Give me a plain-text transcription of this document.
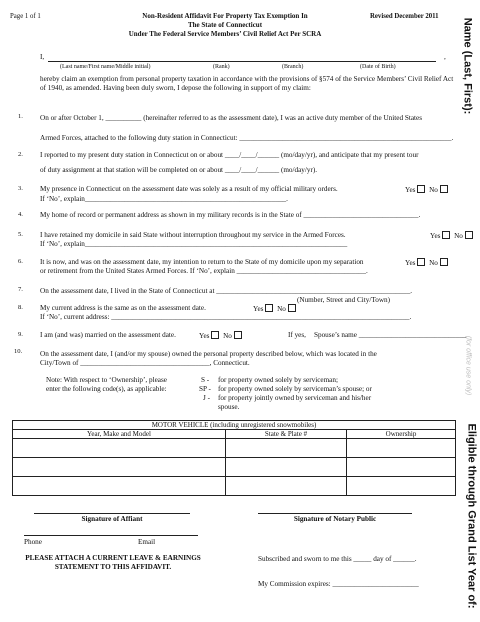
Page 1 of 1	Non-Resident Affidavit For Property Tax Exemption In
The State of Connecticut
Under The Federal Service Members’ Civil Relief Act Per SCRA
Revised December 2011
I,	,
(Last name/First name/Middle initial)	(Rank)	(Branch)	(Date of Birth)
hereby claim an exemption from personal property taxation in accordance with the provisions of §574 of the Service Members’ Civil Relief Act of 1940, as amended. Having been duly sworn, I depose the following in support of my claim:
1. On or after October 1, __________ (hereinafter referred to as the assessment date), I was an active duty member of the United States
Armed Forces, attached to the following duty station in Connecticut: ___________________________________________________________.
2. I reported to my present duty station in Connecticut on or about ____/____/______ (mo/day/yr), and anticipate that my present tour
of duty assignment at that station will be completed on or about ____/____/______ (mo/day/yr).
3. My presence in Connecticut on the assessment date was solely as a result of my official military orders.	Yes No
If ‘No’, explain________________________________________________________.
4. My home of record or permanent address as shown in my military records is in the State of ________________________________.
5. I have retained my domicile in said State without interruption throughout my service in the Armed Forces.	Yes No
If ‘No’, explain_________________________________________________________________________
6. It is now, and was on the assessment date, my intention to return to the State of my domicile upon my separation	Yes No
or retirement from the United States Armed Forces. If ‘No’, explain ____________________________________.
7. On the assessment date, I lived in the State of Connecticut at ______________________________________________________.
(Number, Street and City/Town)
8. My current address is the same as on the assessment date.	Yes No
If ‘No’, current address: ___________________________________________________________________________________.
9. I am (and was) married on the assessment date.	Yes No	If yes, Spouse’s name ______________________________
10. On the assessment date, I (and/or my spouse) owned the personal property described below, which was located in the
City/Town of ____________________________________, Connecticut.
Note: With respect to ‘Ownership’, please
enter the following code(s), as applicable:
S - for property owned solely by serviceman;
SP - for property owned solely by serviceman’s spouse; or
J - for property jointly owned by serviceman and his/her
spouse.
MOTOR VEHICLE (including unregistered snowmobiles)		
Year, Make and Model	State & Plate #	Ownership

Signature of Affiant	Signature of Notary Public
Phone	Email
PLEASE ATTACH A CURRENT LEAVE & EARNINGS
STATEMENT TO THIS AFFIDAVIT.
Subscribed and sworn to me this _____ day of ______.
My Commission expires: ________________________
Name (Last, First):
(for office use only)
Eligible through Grand List Year of:
